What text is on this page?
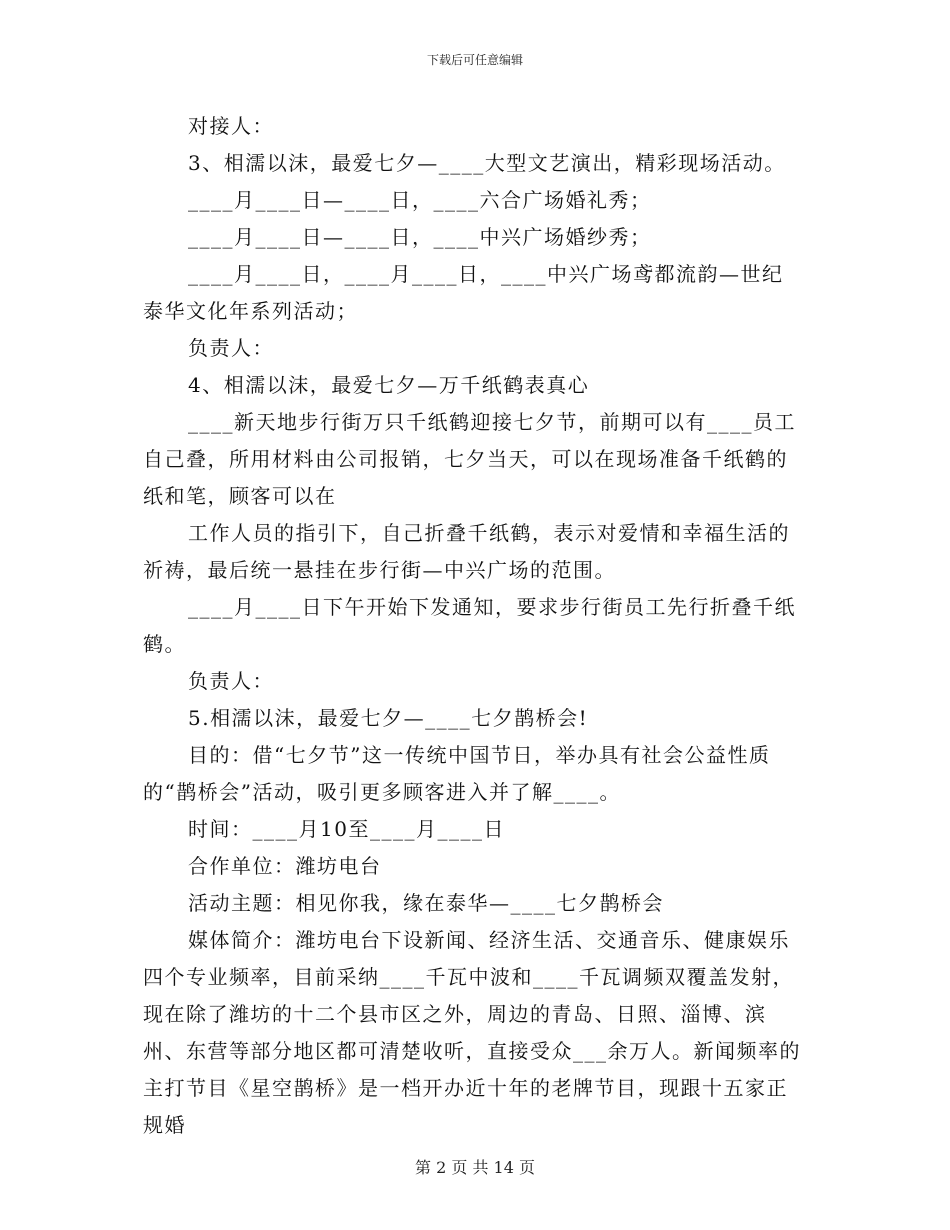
下载后可任意编辑

对接人：

3、相濡以沫，最爱七夕—____大型文艺演出，精彩现场活动。

____月____日—____日，____六合广场婚礼秀；

____月____日—____日，____中兴广场婚纱秀；

____月____日，____月____日，____中兴广场鸢都流韵—世纪泰华文化年系列活动；

负责人：

4、相濡以沫，最爱七夕—万千纸鹤表真心

____新天地步行街万只千纸鹤迎接七夕节，前期可以有____员工自己叠，所用材料由公司报销，七夕当天，可以在现场准备千纸鹤的纸和笔，顾客可以在

工作人员的指引下，自己折叠千纸鹤，表示对爱情和幸福生活的祈祷，最后统一悬挂在步行街—中兴广场的范围。

____月____日下午开始下发通知，要求步行街员工先行折叠千纸鹤。

负责人：

5.相濡以沫，最爱七夕—____七夕鹊桥会!

目的：借“七夕节”这一传统中国节日，举办具有社会公益性质的“鹊桥会”活动，吸引更多顾客进入并了解____。

时间：____月10至____月____日

合作单位：潍坊电台

活动主题：相见你我，缘在泰华—____七夕鹊桥会

媒体简介：潍坊电台下设新闻、经济生活、交通音乐、健康娱乐四个专业频率，目前采纳____千瓦中波和____千瓦调频双覆盖发射，现在除了潍坊的十二个县市区之外，周边的青岛、日照、淄博、滨州、东营等部分地区都可清楚收听，直接受众___余万人。新闻频率的主打节目《星空鹊桥》是一档开办近十年的老牌节目，现跟十五家正规婚

第 2 页 共 14 页
